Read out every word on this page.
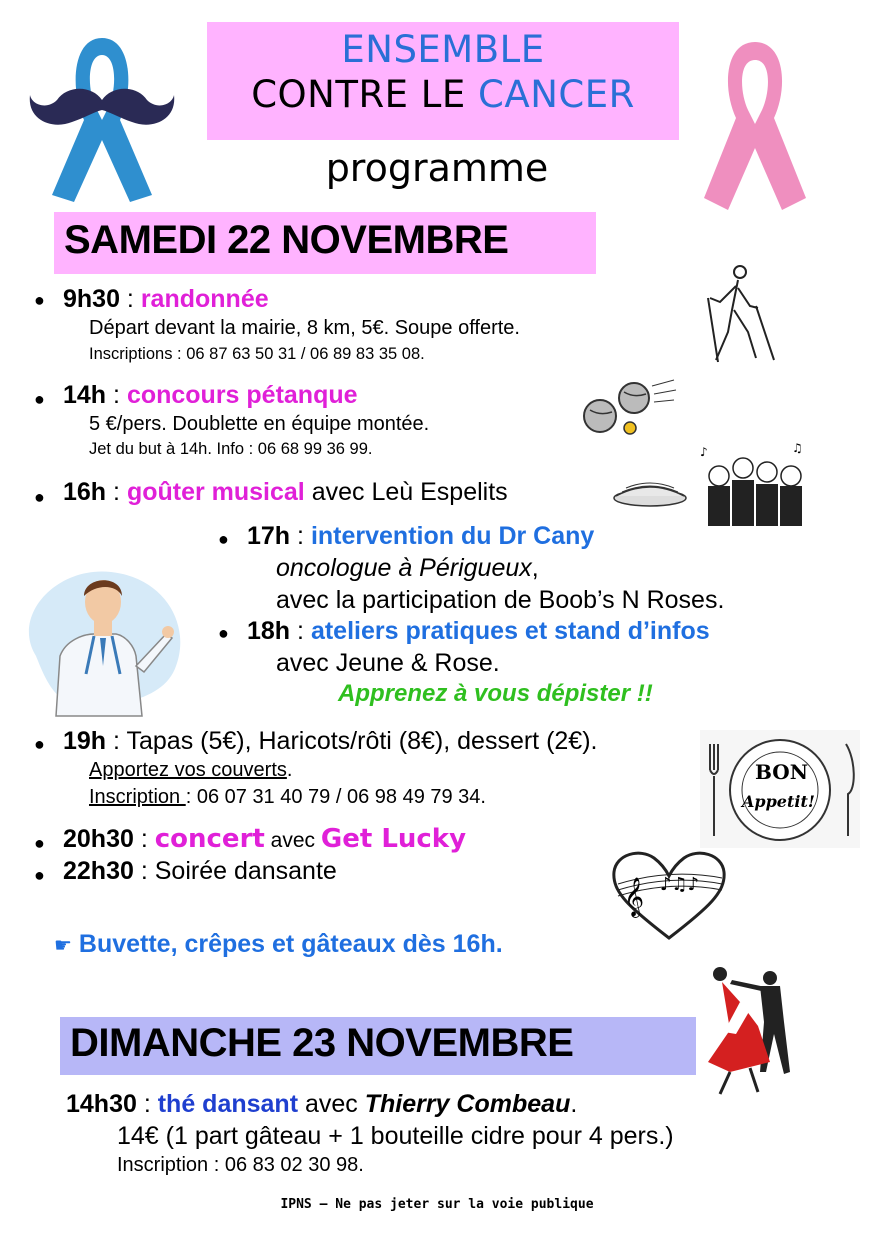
ENSEMBLE
CONTRE LE CANCER
programme
SAMEDI 22 NOVEMBRE
● 9h30 : randonnée
Départ devant la mairie, 8 km, 5€. Soupe offerte.
Inscriptions : 06 87 63 50 31 / 06 89 83 35 08.
● 14h : concours pétanque
5 €/pers. Doublette en équipe montée.
Jet du but à 14h. Info : 06 68 99 36 99.
● 16h : goûter musical avec Leù Espelits
♪	♫
● 17h : intervention du Dr Cany
oncologue à Périgueux,
avec la participation de Boob’s N Roses.
● 18h : ateliers pratiques et stand d’infos
avec Jeune & Rose.
Apprenez à vous dépister !!
● 19h : Tapas (5€), Haricots/rôti (8€), dessert (2€).
Apportez vos couverts.
Inscription : 06 07 31 40 79 / 06 98 49 79 34.
BON
Appetit!
● 20h30 : concert avec Get Lucky
● 22h30 : Soirée dansante
𝄞 ♪♫♪
☛ Buvette, crêpes et gâteaux dès 16h.
DIMANCHE 23 NOVEMBRE
14h30 : thé dansant avec Thierry Combeau.
14€ (1 part gâteau + 1 bouteille cidre pour 4 pers.)
Inscription : 06 83 02 30 98.
IPNS — Ne pas jeter sur la voie publique
